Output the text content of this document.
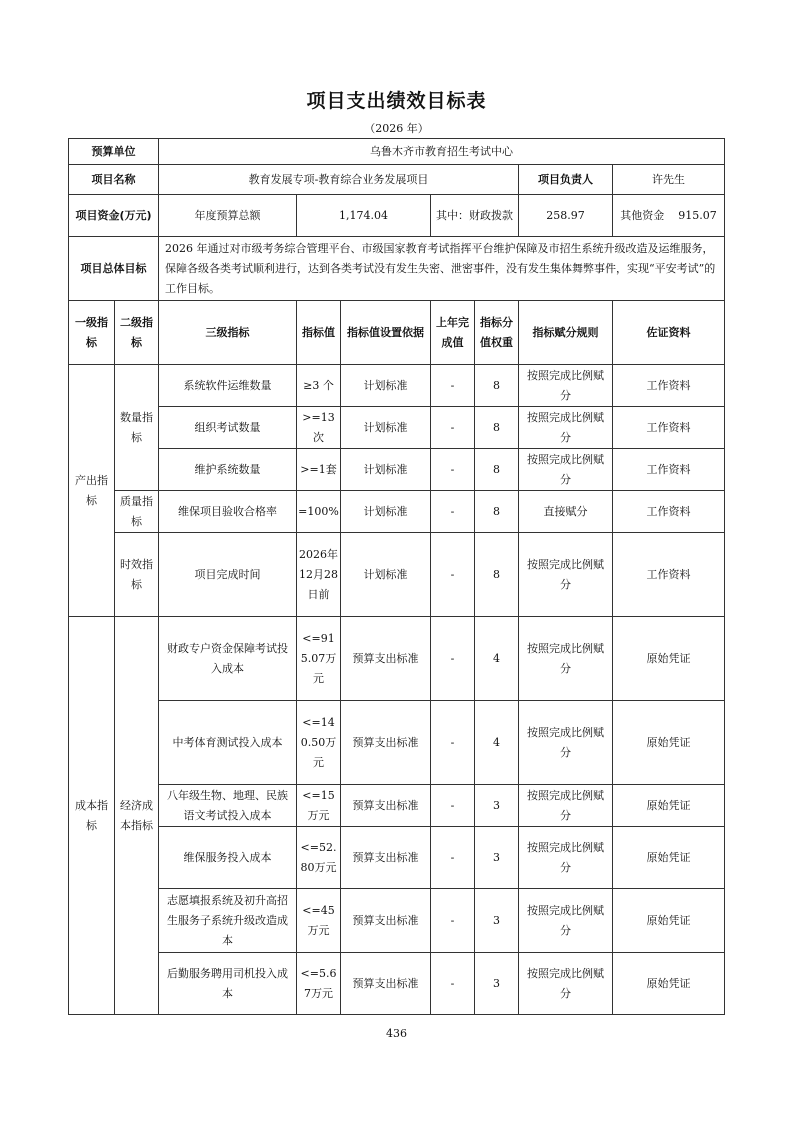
项目支出绩效目标表
（2026 年）
预算单位		乌鲁木齐市教育招生考试中心						
项目名称		教育发展专项-教育综合业务发展项目					项目负责人	许先生
项目资金(万元)		年度预算总额	1,174.04		其中：财政拨款		258.97	其他资金 915.07
项目总体目标		2026 年通过对市级考务综合管理平台、市级国家教育考试指挥平台维护保障及市招生系统升级改造及运维服务，保障各级各类考试顺利进行，达到各类考试没有发生失密、泄密事件，没有发生集体舞弊事件，实现“平安考试”的工作目标。						
一级指标	二级指标	三级指标	指标值	指标值设置依据	上年完成值	指标分值权重	指标赋分规则	佐证资料
产出指标	数量指标	系统软件运维数量	≥3 个	计划标准	-	8	按照完成比例赋分	工作资料
		组织考试数量	>=13次	计划标准	-	8	按照完成比例赋分	工作资料
		维护系统数量	>=1套	计划标准	-	8	按照完成比例赋分	工作资料
	质量指标	维保项目验收合格率	=100%	计划标准	-	8	直接赋分	工作资料
	时效指标	项目完成时间	2026年12月28日前	计划标准	-	8	按照完成比例赋分	工作资料
成本指标	经济成本指标	财政专户资金保障考试投入成本	<=915.07万元	预算支出标准	-	4	按照完成比例赋分	原始凭证
		中考体育测试投入成本	<=140.50万元	预算支出标准	-	4	按照完成比例赋分	原始凭证
		八年级生物、地理、民族语文考试投入成本	<=15万元	预算支出标准	-	3	按照完成比例赋分	原始凭证
		维保服务投入成本	<=52.80万元	预算支出标准	-	3	按照完成比例赋分	原始凭证
		志愿填报系统及初升高招生服务子系统升级改造成本	<=45万元	预算支出标准	-	3	按照完成比例赋分	原始凭证
		后勤服务聘用司机投入成本	<=5.67万元	预算支出标准	-	3	按照完成比例赋分	原始凭证
436
